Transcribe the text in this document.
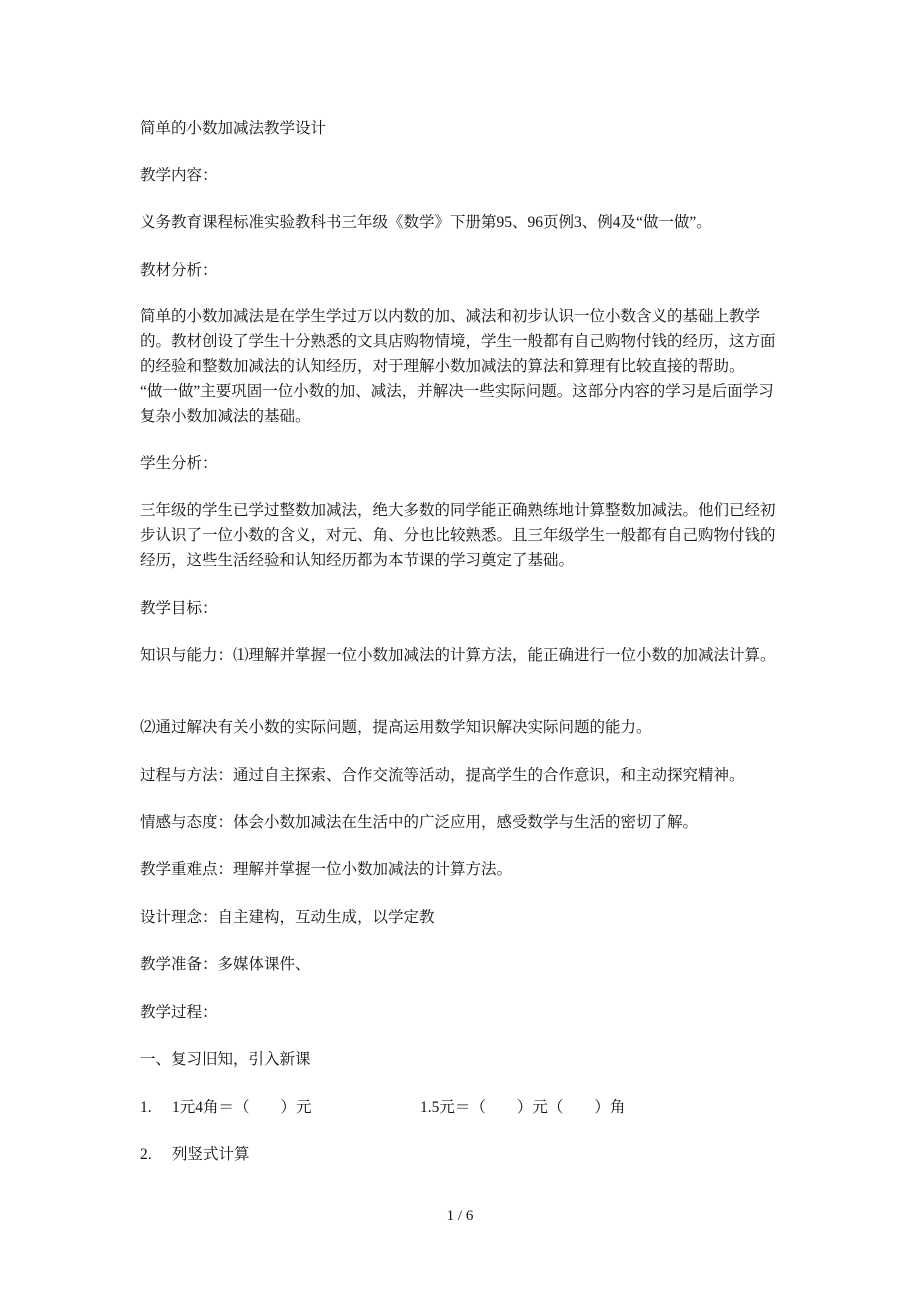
简单的小数加减法教学设计
教学内容：
义务教育课程标准实验教科书三年级《数学》下册第95、96页例3、例4及“做一做”。
教材分析：
简单的小数加减法是在学生学过万以内数的加、减法和初步认识一位小数含义的基础上教学的。教材创设了学生十分熟悉的文具店购物情境，学生一般都有自己购物付钱的经历，这方面的经验和整数加减法的认知经历，对于理解小数加减法的算法和算理有比较直接的帮助。　　“做一做”主要巩固一位小数的加、减法，并解决一些实际问题。这部分内容的学习是后面学习复杂小数加减法的基础。
学生分析：
三年级的学生已学过整数加减法，绝大多数的同学能正确熟练地计算整数加减法。他们已经初步认识了一位小数的含义，对元、角、分也比较熟悉。且三年级学生一般都有自己购物付钱的经历，这些生活经验和认知经历都为本节课的学习奠定了基础。
教学目标：
知识与能力：⑴理解并掌握一位小数加减法的计算方法，能正确进行一位小数的加减法计算。
⑵通过解决有关小数的实际问题，提高运用数学知识解决实际问题的能力。
过程与方法：通过自主探索、合作交流等活动，提高学生的合作意识，和主动探究精神。
情感与态度：体会小数加减法在生活中的广泛应用，感受数学与生活的密切了解。
教学重难点：理解并掌握一位小数加减法的计算方法。
设计理念：自主建构，互动生成，以学定教
教学准备：多媒体课件、
教学过程：
一、复习旧知，引入新课
1. 1元4角＝（　　）元	1.5元＝（　　）元（　　）角
2. 列竖式计算
1 / 6
